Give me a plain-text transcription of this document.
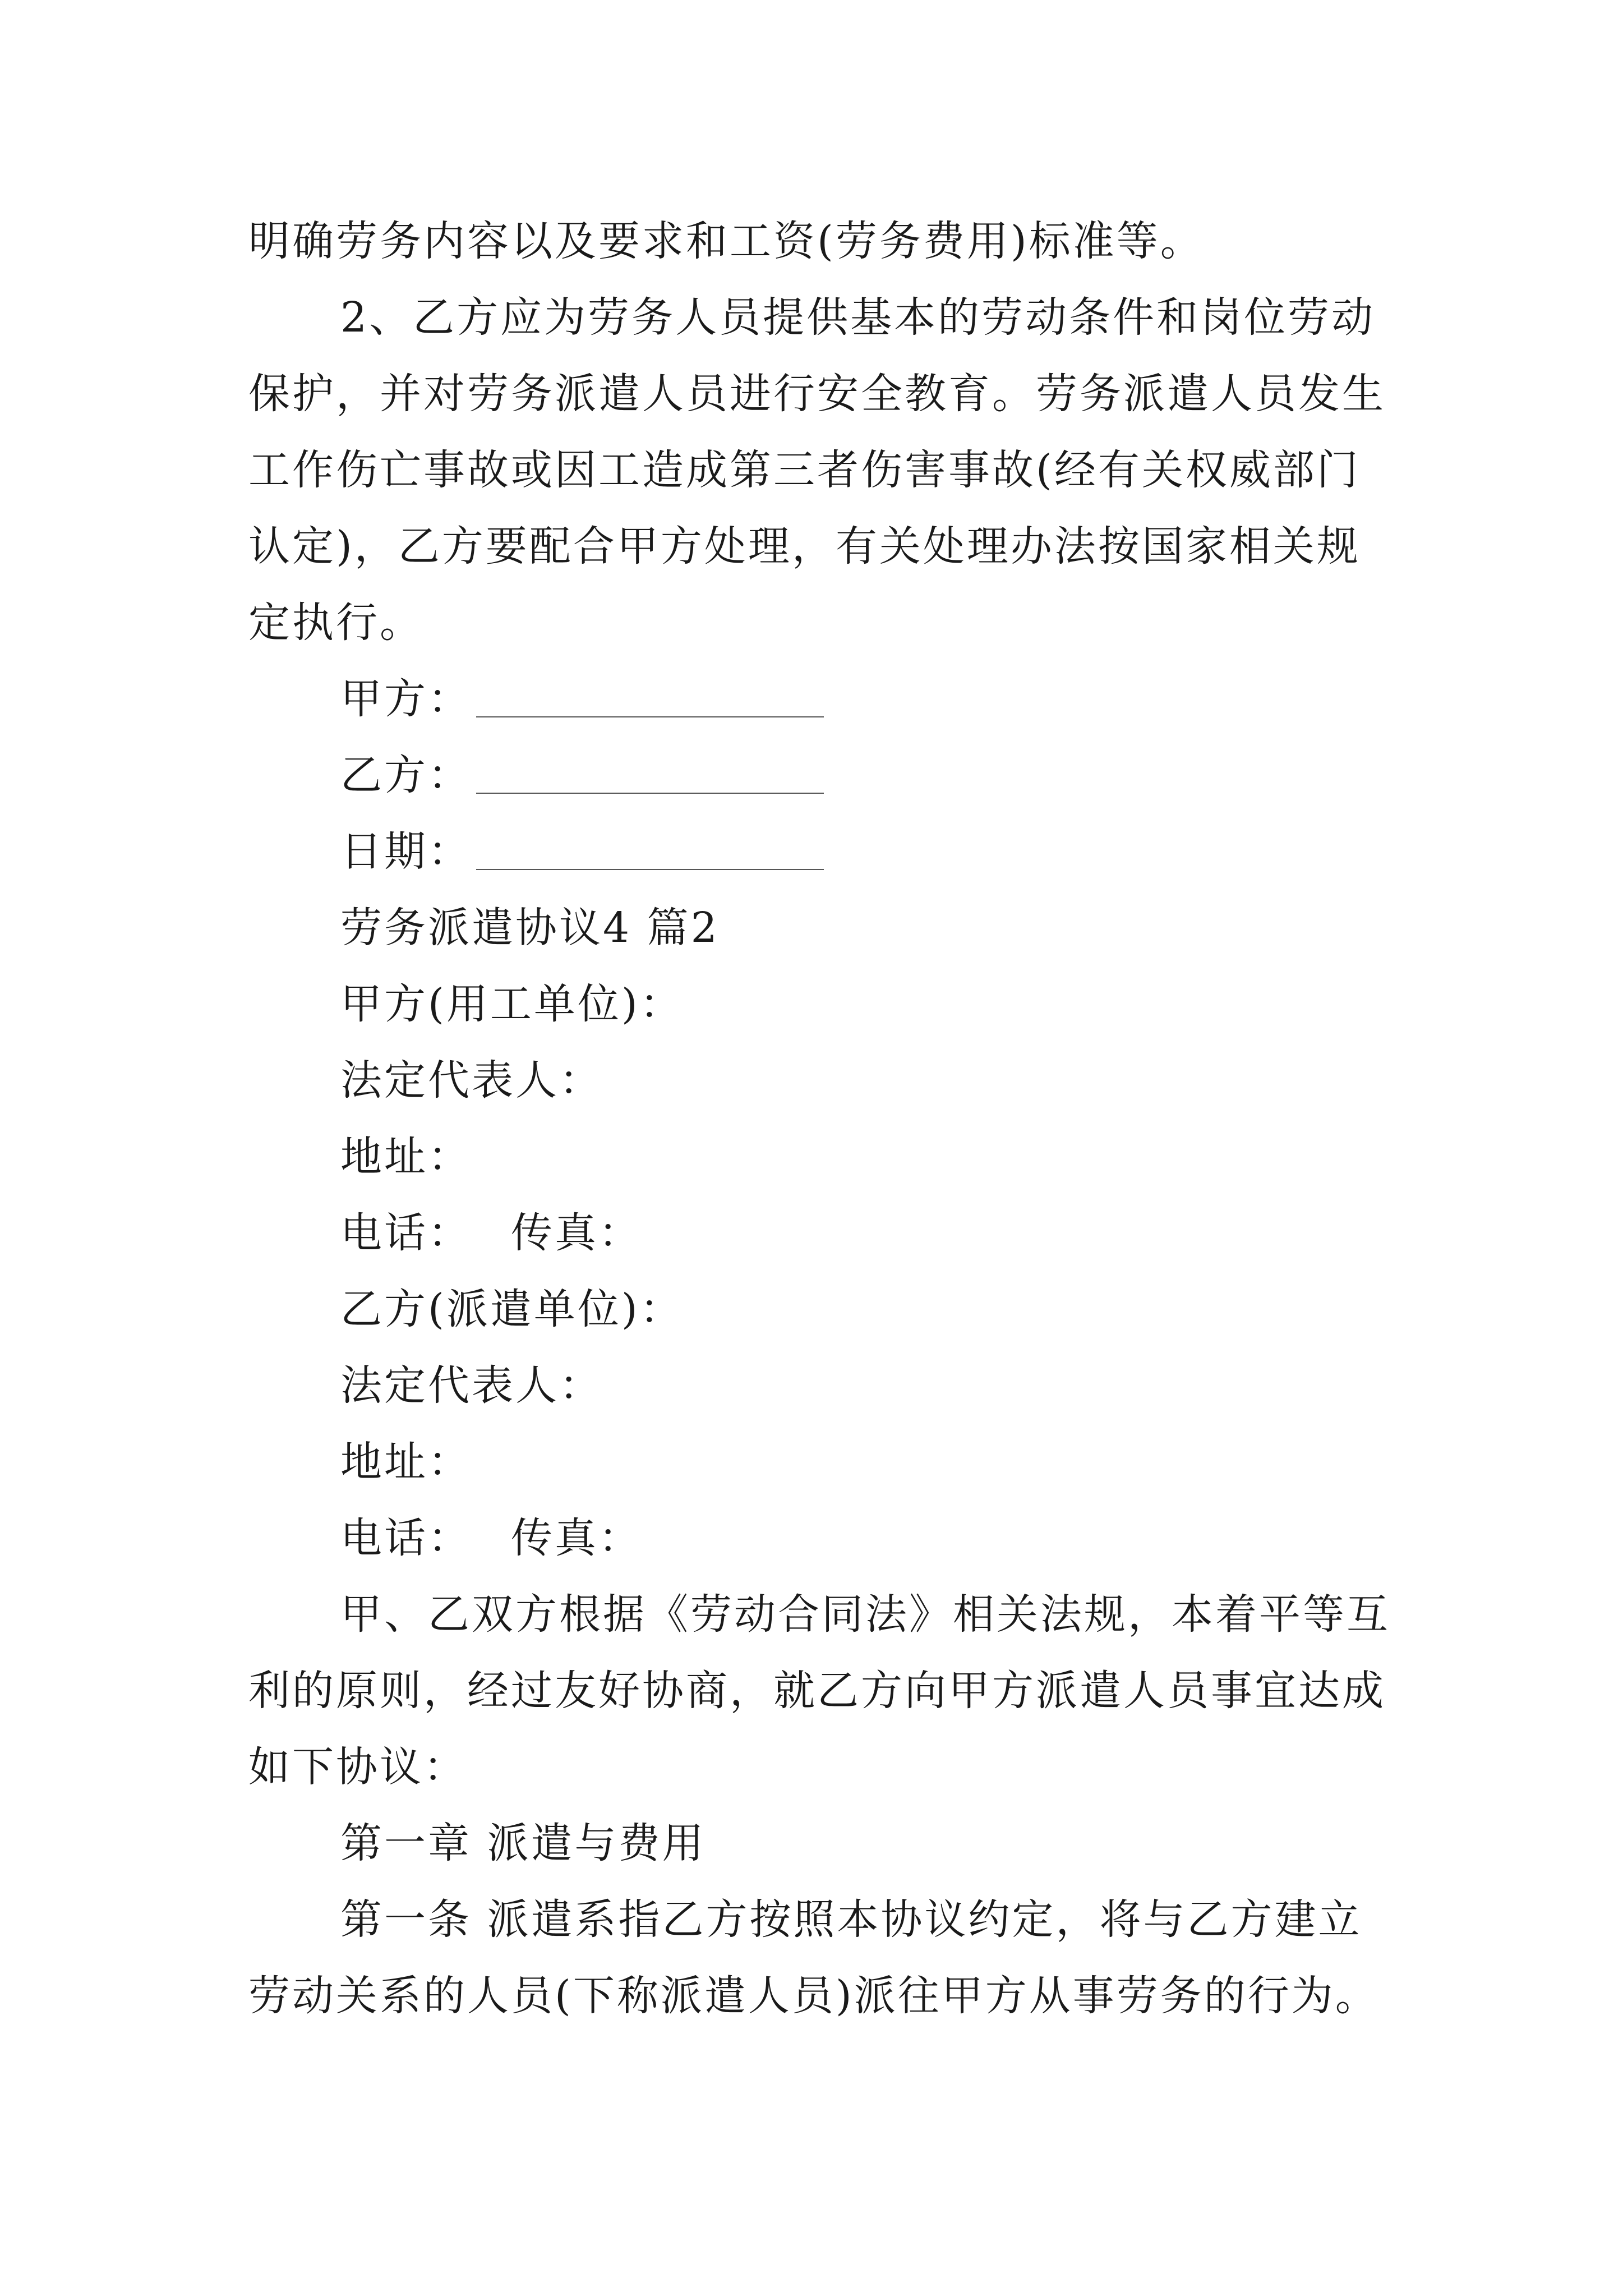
明确劳务内容以及要求和工资(劳务费用)标准等。

2、乙方应为劳务人员提供基本的劳动条件和岗位劳动

保护，并对劳务派遣人员进行安全教育。劳务派遣人员发生

工作伤亡事故或因工造成第三者伤害事故(经有关权威部门

认定)，乙方要配合甲方处理，有关处理办法按国家相关规

定执行。

甲方：
乙方：
日期：

劳务派遣协议4 篇2

甲方(用工单位)：

法定代表人：

地址：

电话： 传真：

乙方(派遣单位)：

法定代表人：

地址：

电话： 传真：

甲、乙双方根据《劳动合同法》相关法规，本着平等互

利的原则，经过友好协商，就乙方向甲方派遣人员事宜达成

如下协议：

第一章 派遣与费用

第一条 派遣系指乙方按照本协议约定，将与乙方建立

劳动关系的人员(下称派遣人员)派往甲方从事劳务的行为。
